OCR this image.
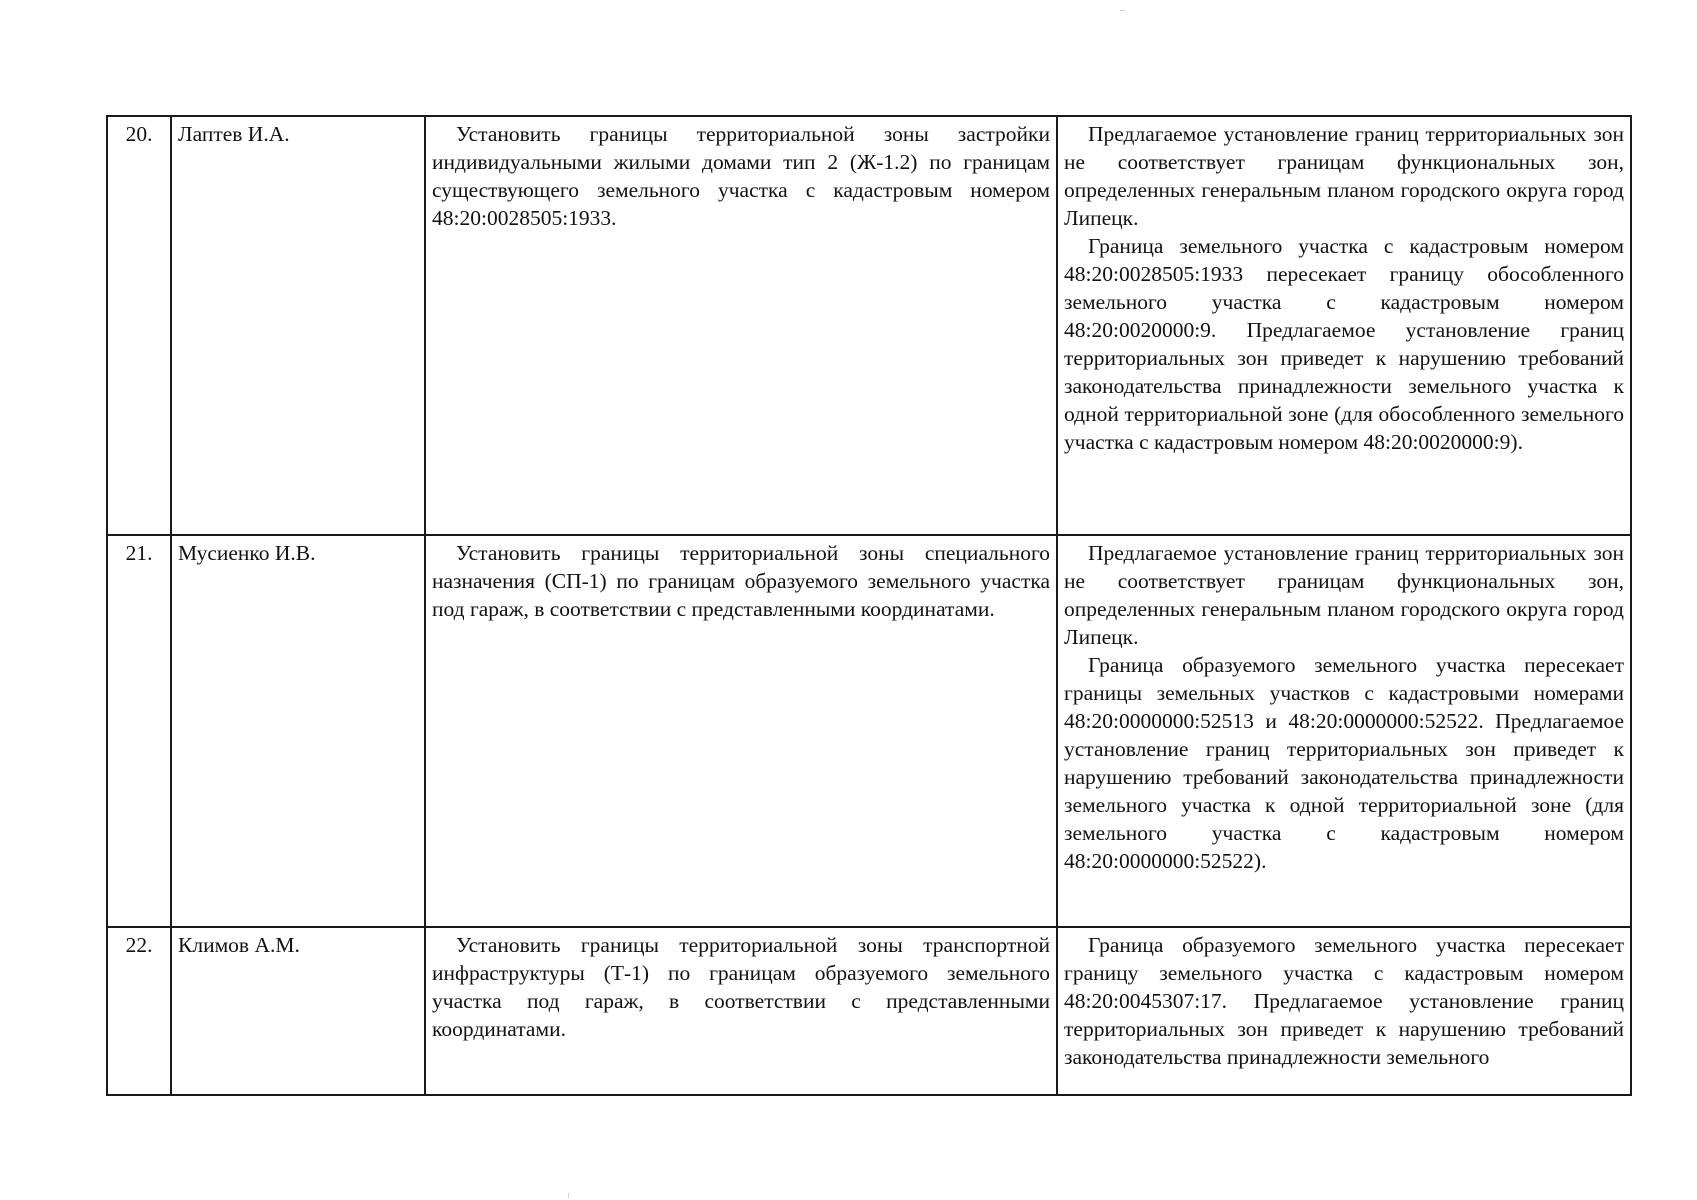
20.	Лаптев И.А.	Установить границы территориальной зоны застройки индивидуальными жилыми домами тип 2 (Ж-1.2) по границам существующего земельного участка с кадастровым номером 48:20:0028505:1933.	Предлагаемое установление границ территориальных зон не соответствует границам функциональных зон, определенных генеральным планом городского округа город Липецк.

Граница земельного участка с кадастровым номером 48:20:0028505:1933 пересекает границу обособленного земельного участка с кадастровым номером 48:20:0020000:9. Предлагаемое установление границ территориальных зон приведет к нарушению требований законодательства принадлежности земельного участка к одной территориальной зоне (для обособленного земельного участка с кадастровым номером 48:20:0020000:9).

21.	Мусиенко И.В.	Установить границы территориальной зоны специального назначения (СП-1) по границам образуемого земельного участка под гараж, в соответствии с представленными координатами.	Предлагаемое установление границ территориальных зон не соответствует границам функциональных зон, определенных генеральным планом городского округа город Липецк.

Граница образуемого земельного участка пересекает границы земельных участков с кадастровыми номерами 48:20:0000000:52513 и 48:20:0000000:52522. Предлагаемое установление границ территориальных зон приведет к нарушению требований законодательства принадлежности земельного участка к одной территориальной зоне (для земельного участка с кадастровым номером 48:20:0000000:52522).

22.	Климов А.М.	Установить границы территориальной зоны транспортной инфраструктуры (Т-1) по границам образуемого земельного участка под гараж, в соответствии с представленными координатами.	Граница образуемого земельного участка пересекает границу земельного участка с кадастровым номером 48:20:0045307:17. Предлагаемое установление границ территориальных зон приведет к нарушению требований законодательства принадлежности земельного
